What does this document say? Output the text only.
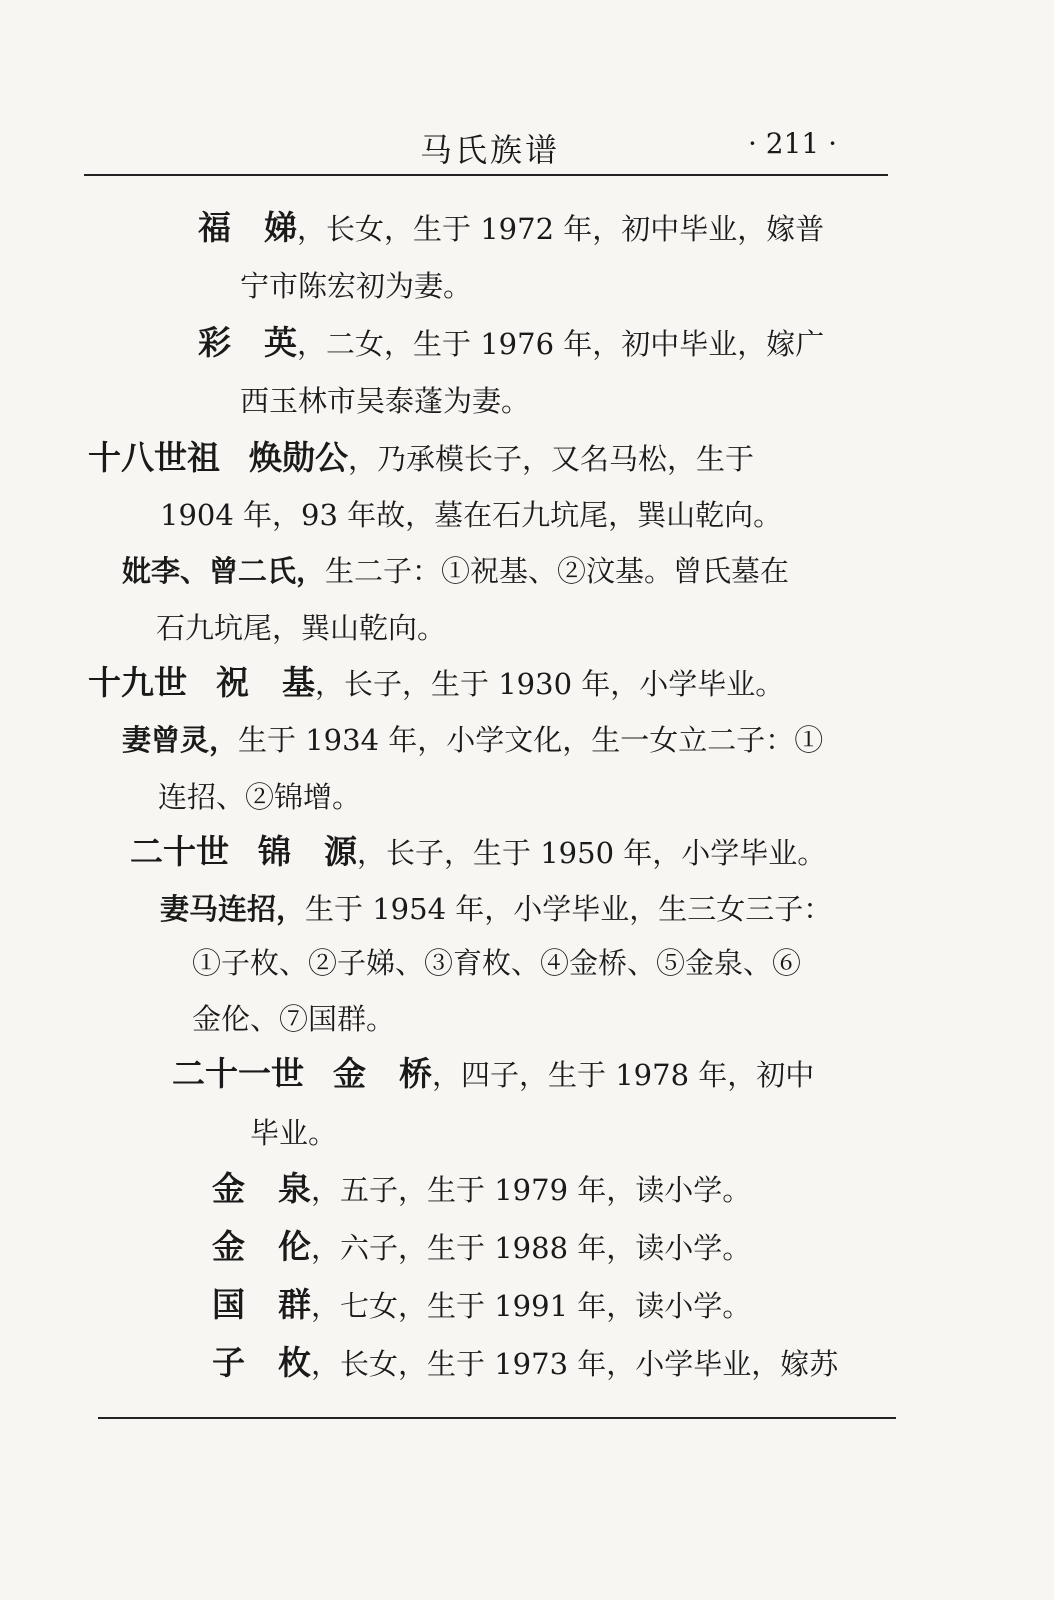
马氏族谱	· 211 ·
福　娣，长女，生于 1972 年，初中毕业，嫁普
宁市陈宏初为妻。
彩　英，二女，生于 1976 年，初中毕业，嫁广
西玉林市吴泰蓬为妻。
十八世祖　 焕勋公，乃承模长子，又名马松，生于
1904 年，93 年故，墓在石九坑尾，巽山乾向。
妣李、曾二氏，生二子：①祝基、②汶基。曾氏墓在
石九坑尾，巽山乾向。
十九世　 祝　基，长子，生于 1930 年，小学毕业。
妻曾灵，生于 1934 年，小学文化，生一女立二子：①
连招、②锦增。
二十世　 锦　源，长子，生于 1950 年，小学毕业。
妻马连招，生于 1954 年，小学毕业，生三女三子：
①子枚、②子娣、③育枚、④金桥、⑤金泉、⑥
金伦、⑦国群。
二十一世　 金　桥，四子，生于 1978 年，初中
毕业。
金　泉，五子，生于 1979 年，读小学。
金　伦，六子，生于 1988 年，读小学。
国　群，七女，生于 1991 年，读小学。
子　枚，长女，生于 1973 年，小学毕业，嫁苏
